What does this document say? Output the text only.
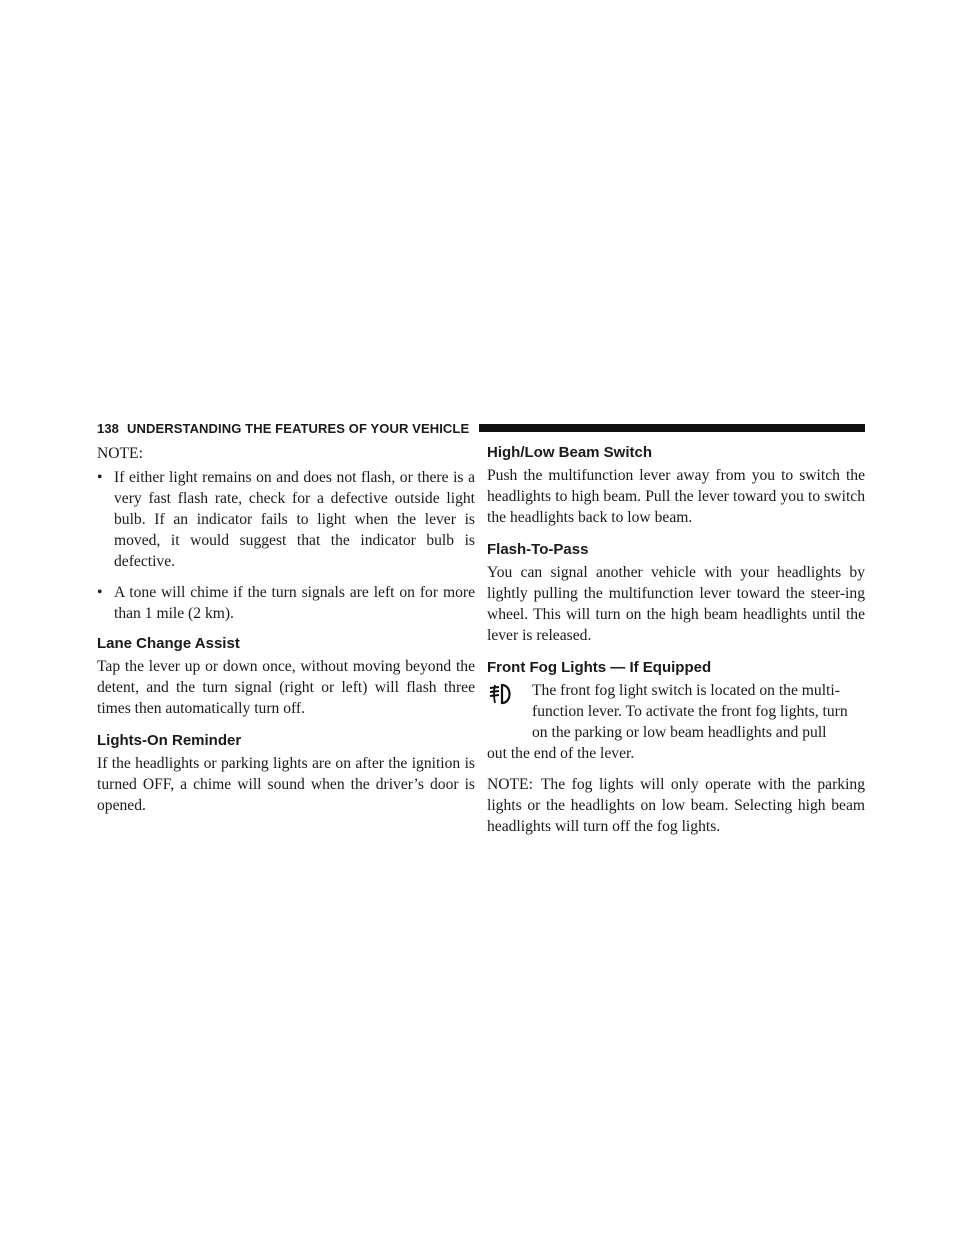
138 UNDERSTANDING THE FEATURES OF YOUR VEHICLE
NOTE:
• If either light remains on and does not flash, or there is a very fast flash rate, check for a defective outside light bulb. If an indicator fails to light when the lever is moved, it would suggest that the indicator bulb is defective.
• A tone will chime if the turn signals are left on for more than 1 mile (2 km).
Lane Change Assist

Tap the lever up or down once, without moving beyond the detent, and the turn signal (right or left) will flash three times then automatically turn off.

Lights-On Reminder

If the headlights or parking lights are on after the ignition is turned OFF, a chime will sound when the driver’s door is opened.

High/Low Beam Switch

Push the multifunction lever away from you to switch the headlights to high beam. Pull the lever toward you to switch the headlights back to low beam.

Flash-To-Pass

You can signal another vehicle with your headlights by lightly pulling the multifunction lever toward the steer-ing wheel. This will turn on the high beam headlights until the lever is released.

Front Fog Lights — If Equipped

The front fog light switch is located on the multi-

function lever. To activate the front fog lights, turn

on the parking or low beam headlights and pull

out the end of the lever.

NOTE: The fog lights will only operate with the parking lights or the headlights on low beam. Selecting high beam headlights will turn off the fog lights.
